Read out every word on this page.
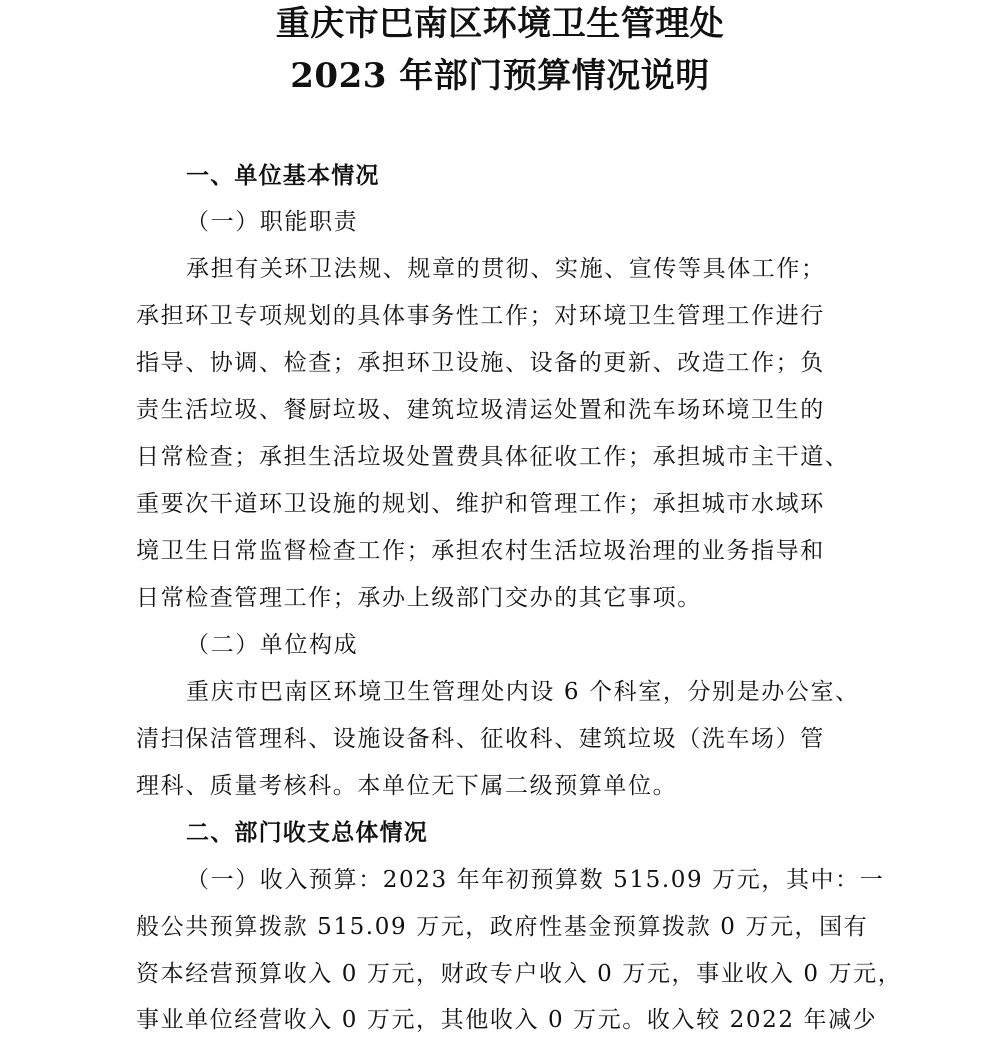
重庆市巴南区环境卫生管理处
2023 年部门预算情况说明
一、单位基本情况
（一）职能职责
承担有关环卫法规、规章的贯彻、实施、宣传等具体工作；
承担环卫专项规划的具体事务性工作；对环境卫生管理工作进行
指导、协调、检查；承担环卫设施、设备的更新、改造工作；负
责生活垃圾、餐厨垃圾、建筑垃圾清运处置和洗车场环境卫生的
日常检查；承担生活垃圾处置费具体征收工作；承担城市主干道、
重要次干道环卫设施的规划、维护和管理工作；承担城市水域环
境卫生日常监督检查工作；承担农村生活垃圾治理的业务指导和
日常检查管理工作；承办上级部门交办的其它事项。
（二）单位构成
重庆市巴南区环境卫生管理处内设 6 个科室，分别是办公室、
清扫保洁管理科、设施设备科、征收科、建筑垃圾（洗车场）管
理科、质量考核科。本单位无下属二级预算单位。
二、部门收支总体情况
（一）收入预算：2023 年年初预算数 515.09 万元，其中：一
般公共预算拨款 515.09 万元，政府性基金预算拨款 0 万元，国有
资本经营预算收入 0 万元，财政专户收入 0 万元，事业收入 0 万元，
事业单位经营收入 0 万元，其他收入 0 万元。收入较 2022 年减少
